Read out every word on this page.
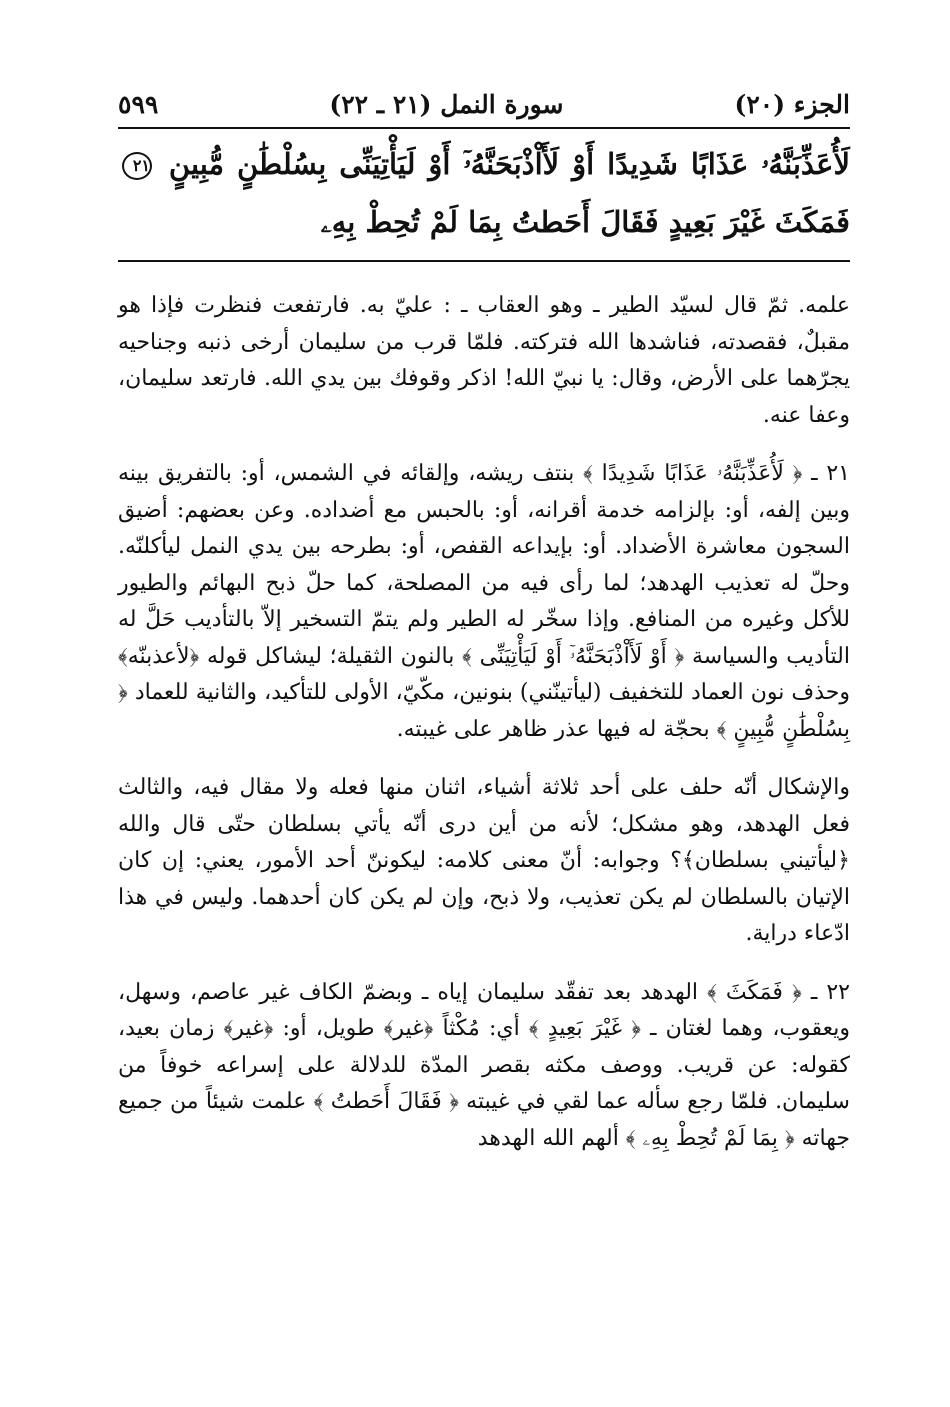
الجزء (٢٠)
سورة النمل (٢١ ـ ٢٢)
٥٩٩
لَأُعَذِّبَنَّهُۥ عَذَابًا شَدِيدًا أَوْ لَأَاْذْبَحَنَّهُۥٓ أَوْ لَيَأْتِيَنِّى بِسُلْطَٰنٍ مُّبِينٍ ٢١ فَمَكَثَ غَيْرَ بَعِيدٍ فَقَالَ أَحَطتُ بِمَا لَمْ تُحِطْ بِهِۦ

علمه. ثمّ قال لسيّد الطير ـ وهو العقاب ـ : عليّ به. فارتفعت فنظرت فإذا هو مقبلٌ، فقصدته، فناشدها الله فتركته. فلمّا قرب من سليمان أرخى ذنبه وجناحيه يجرّهما على الأرض، وقال: يا نبيّ الله! اذكر وقوفك بين يدي الله. فارتعد سليمان، وعفا عنه.

٢١ ـ ﴿ لَأُعَذِّبَنَّهُۥ عَذَابًا شَدِيدًا ﴾ بنتف ريشه، وإلقائه في الشمس، أو: بالتفريق بينه وبين إلفه، أو: بإلزامه خدمة أقرانه، أو: بالحبس مع أضداده. وعن بعضهم: أضيق السجون معاشرة الأضداد. أو: بإيداعه القفص، أو: بطرحه بين يدي النمل ليأكلنّه. وحلّ له تعذيب الهدهد؛ لما رأى فيه من المصلحة، كما حلّ ذبح البهائم والطيور للأكل وغيره من المنافع. وإذا سخّر له الطير ولم يتمّ التسخير إلاّ بالتأديب حَلَّ له التأديب والسياسة ﴿ أَوْ لَأَاْذْبَحَنَّهُۥٓ أَوْ لَيَأْتِيَنِّى ﴾ بالنون الثقيلة؛ ليشاكل قوله ﴿لأعذبنّه﴾ وحذف نون العماد للتخفيف (ليأتينّني) بنونين، مكّيّ، الأولى للتأكيد، والثانية للعماد ﴿ بِسُلْطَٰنٍ مُّبِينٍ ﴾ بحجّة له فيها عذر ظاهر على غيبته.

والإشكال أنّه حلف على أحد ثلاثة أشياء، اثنان منها فعله ولا مقال فيه، والثالث فعل الهدهد، وهو مشكل؛ لأنه من أين درى أنّه يأتي بسلطان حتّى قال والله ﴿ليأتيني بسلطان﴾؟ وجوابه: أنّ معنى كلامه: ليكوننّ أحد الأمور، يعني: إن كان الإتيان بالسلطان لم يكن تعذيب، ولا ذبح، وإن لم يكن كان أحدهما. وليس في هذا ادّعاء دراية.

٢٢ ـ ﴿ فَمَكَثَ ﴾ الهدهد بعد تفقّد سليمان إياه ـ وبضمّ الكاف غير عاصم، وسهل، ويعقوب، وهما لغتان ـ ﴿ غَيْرَ بَعِيدٍ ﴾ أي: مُكْثاً ﴿غير﴾ طويل، أو: ﴿غير﴾ زمان بعيد، كقوله: عن قريب. ووصف مكثه بقصر المدّة للدلالة على إسراعه خوفاً من سليمان. فلمّا رجع سأله عما لقي في غيبته ﴿ فَقَالَ أَحَطتُ ﴾ علمت شيئاً من جميع جهاته ﴿ بِمَا لَمْ تُحِطْ بِهِۦ ﴾ ألهم الله الهدهد
